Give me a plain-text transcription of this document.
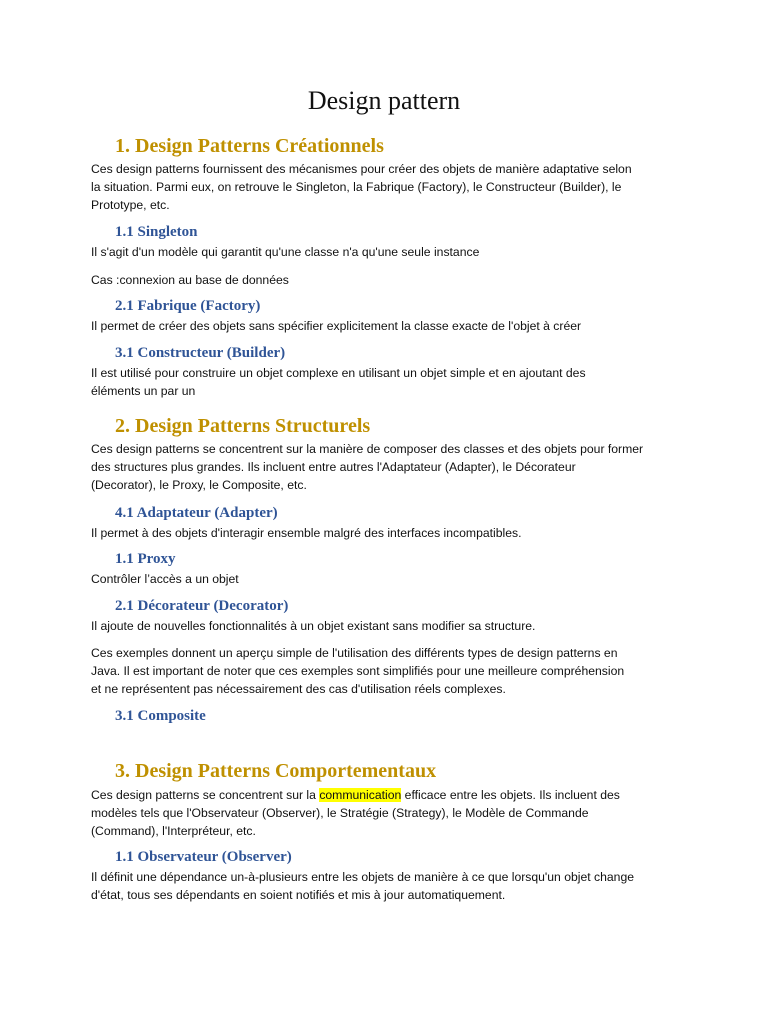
Design pattern
1. Design Patterns Créationnels
Ces design patterns fournissent des mécanismes pour créer des objets de manière adaptative selon
la situation. Parmi eux, on retrouve le Singleton, la Fabrique (Factory), le Constructeur (Builder), le
Prototype, etc.
1.1 Singleton
Il s'agit d'un modèle qui garantit qu'une classe n'a qu'une seule instance
Cas :connexion au base de données
2.1 Fabrique (Factory)
Il permet de créer des objets sans spécifier explicitement la classe exacte de l'objet à créer
3.1 Constructeur (Builder)
Il est utilisé pour construire un objet complexe en utilisant un objet simple et en ajoutant des
éléments un par un
2. Design Patterns Structurels
Ces design patterns se concentrent sur la manière de composer des classes et des objets pour former
des structures plus grandes. Ils incluent entre autres l'Adaptateur (Adapter), le Décorateur
(Decorator), le Proxy, le Composite, etc.
4.1 Adaptateur (Adapter)
Il permet à des objets d'interagir ensemble malgré des interfaces incompatibles.
1.1 Proxy
Contrôler l’accès a un objet
2.1 Décorateur (Decorator)
Il ajoute de nouvelles fonctionnalités à un objet existant sans modifier sa structure.
Ces exemples donnent un aperçu simple de l'utilisation des différents types de design patterns en
Java. Il est important de noter que ces exemples sont simplifiés pour une meilleure compréhension
et ne représentent pas nécessairement des cas d'utilisation réels complexes.
3.1 Composite
3. Design Patterns Comportementaux
Ces design patterns se concentrent sur la communication efficace entre les objets. Ils incluent des
modèles tels que l'Observateur (Observer), le Stratégie (Strategy), le Modèle de Commande
(Command), l'Interpréteur, etc.
1.1 Observateur (Observer)
Il définit une dépendance un-à-plusieurs entre les objets de manière à ce que lorsqu'un objet change
d'état, tous ses dépendants en soient notifiés et mis à jour automatiquement.
